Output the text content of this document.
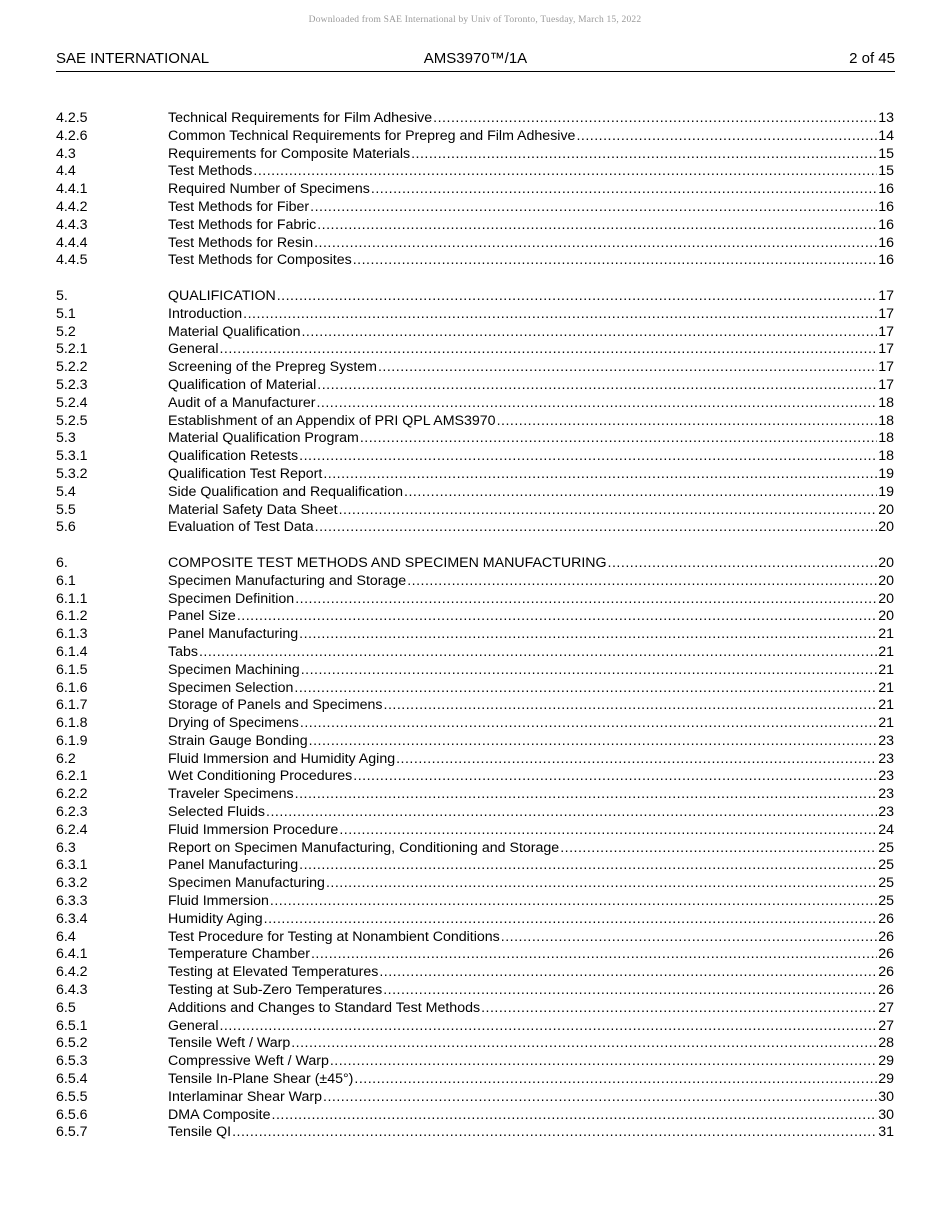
Downloaded from SAE International by Univ of Toronto, Tuesday, March 15, 2022
SAE INTERNATIONAL	AMS3970™/1A	2 of 45
4.2.5	Technical Requirements for Film Adhesive .....	13
4.2.6	Common Technical Requirements for Prepreg and Film Adhesive .....	14
4.3	Requirements for Composite Materials .....	15
4.4	Test Methods .....	15
4.4.1	Required Number of Specimens .....	16
4.4.2	Test Methods for Fiber .....	16
4.4.3	Test Methods for Fabric .....	16
4.4.4	Test Methods for Resin .....	16
4.4.5	Test Methods for Composites .....	16
5.	QUALIFICATION .....	17
5.1	Introduction .....	17
5.2	Material Qualification .....	17
5.2.1	General .....	17
5.2.2	Screening of the Prepreg System .....	17
5.2.3	Qualification of Material .....	17
5.2.4	Audit of a Manufacturer .....	18
5.2.5	Establishment of an Appendix of PRI QPL AMS3970 .....	18
5.3	Material Qualification Program .....	18
5.3.1	Qualification Retests .....	18
5.3.2	Qualification Test Report .....	19
5.4	Side Qualification and Requalification .....	19
5.5	Material Safety Data Sheet .....	20
5.6	Evaluation of Test Data .....	20
6.	COMPOSITE TEST METHODS AND SPECIMEN MANUFACTURING .....	20
6.1	Specimen Manufacturing and Storage .....	20
6.1.1	Specimen Definition .....	20
6.1.2	Panel Size .....	20
6.1.3	Panel Manufacturing .....	21
6.1.4	Tabs .....	21
6.1.5	Specimen Machining .....	21
6.1.6	Specimen Selection .....	21
6.1.7	Storage of Panels and Specimens .....	21
6.1.8	Drying of Specimens .....	21
6.1.9	Strain Gauge Bonding .....	23
6.2	Fluid Immersion and Humidity Aging .....	23
6.2.1	Wet Conditioning Procedures .....	23
6.2.2	Traveler Specimens .....	23
6.2.3	Selected Fluids .....	23
6.2.4	Fluid Immersion Procedure .....	24
6.3	Report on Specimen Manufacturing, Conditioning and Storage .....	25
6.3.1	Panel Manufacturing .....	25
6.3.2	Specimen Manufacturing .....	25
6.3.3	Fluid Immersion .....	25
6.3.4	Humidity Aging .....	26
6.4	Test Procedure for Testing at Nonambient Conditions .....	26
6.4.1	Temperature Chamber .....	26
6.4.2	Testing at Elevated Temperatures .....	26
6.4.3	Testing at Sub-Zero Temperatures .....	26
6.5	Additions and Changes to Standard Test Methods .....	27
6.5.1	General .....	27
6.5.2	Tensile Weft / Warp .....	28
6.5.3	Compressive Weft / Warp .....	29
6.5.4	Tensile In-Plane Shear (±45°) .....	29
6.5.5	Interlaminar Shear Warp .....	30
6.5.6	DMA Composite .....	30
6.5.7	Tensile QI .....	31
